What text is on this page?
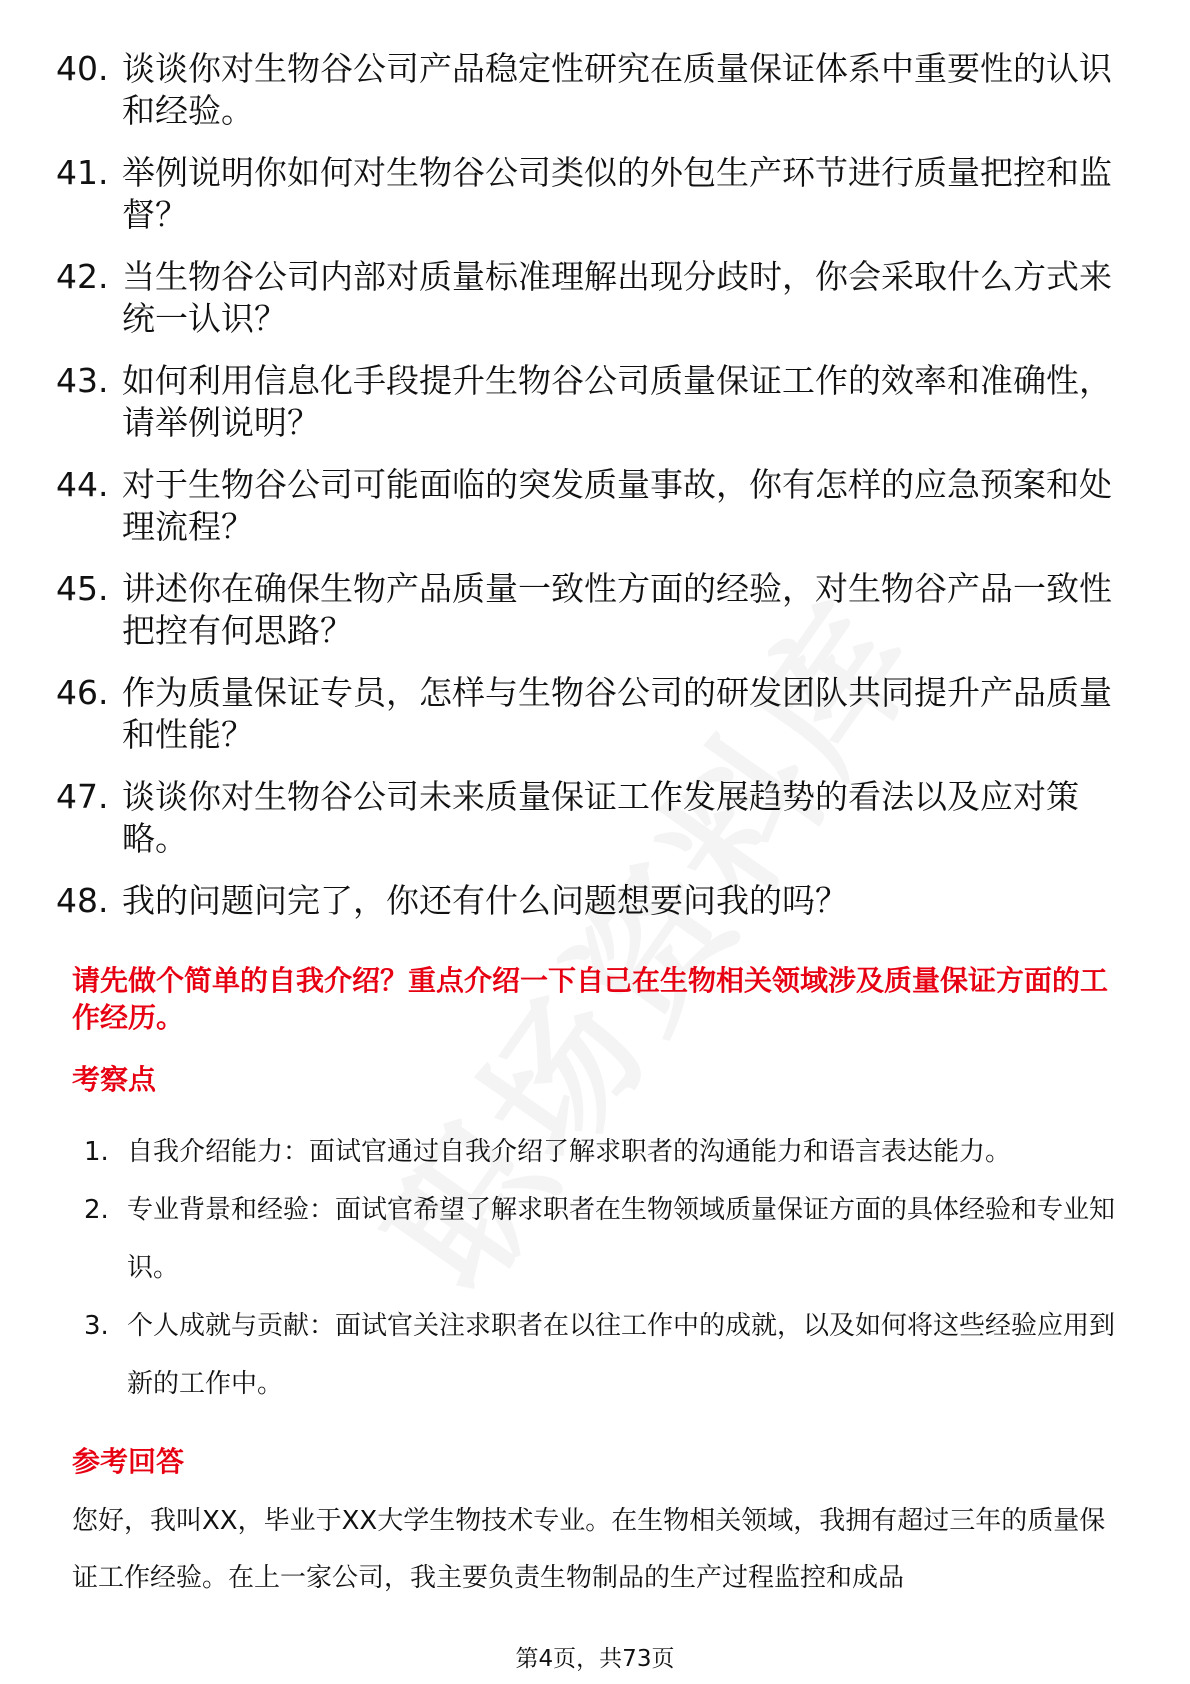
40. 谈谈你对生物谷公司产品稳定性研究在质量保证体系中重要性的认识和经验。
41. 举例说明你如何对生物谷公司类似的外包生产环节进行质量把控和监督？
42. 当生物谷公司内部对质量标准理解出现分歧时，你会采取什么方式来统一认识？
43. 如何利用信息化手段提升生物谷公司质量保证工作的效率和准确性，请举例说明？
44. 对于生物谷公司可能面临的突发质量事故，你有怎样的应急预案和处理流程？
45. 讲述你在确保生物产品质量一致性方面的经验，对生物谷产品一致性把控有何思路？
46. 作为质量保证专员，怎样与生物谷公司的研发团队共同提升产品质量和性能？
47. 谈谈你对生物谷公司未来质量保证工作发展趋势的看法以及应对策略。
48. 我的问题问完了，你还有什么问题想要问我的吗？
请先做个简单的自我介绍？重点介绍一下自己在生物相关领域涉及质量保证方面的工作经历。
考察点
1. 自我介绍能力：面试官通过自我介绍了解求职者的沟通能力和语言表达能力。
2. 专业背景和经验：面试官希望了解求职者在生物领域质量保证方面的具体经验和专业知识。
3. 个人成就与贡献：面试官关注求职者在以往工作中的成就，以及如何将这些经验应用到新的工作中。
参考回答
您好，我叫XX，毕业于XX大学生物技术专业。在生物相关领域，我拥有超过三年的质量保证工作经验。在上一家公司，我主要负责生物制品的生产过程监控和成品
第4页，共73页
